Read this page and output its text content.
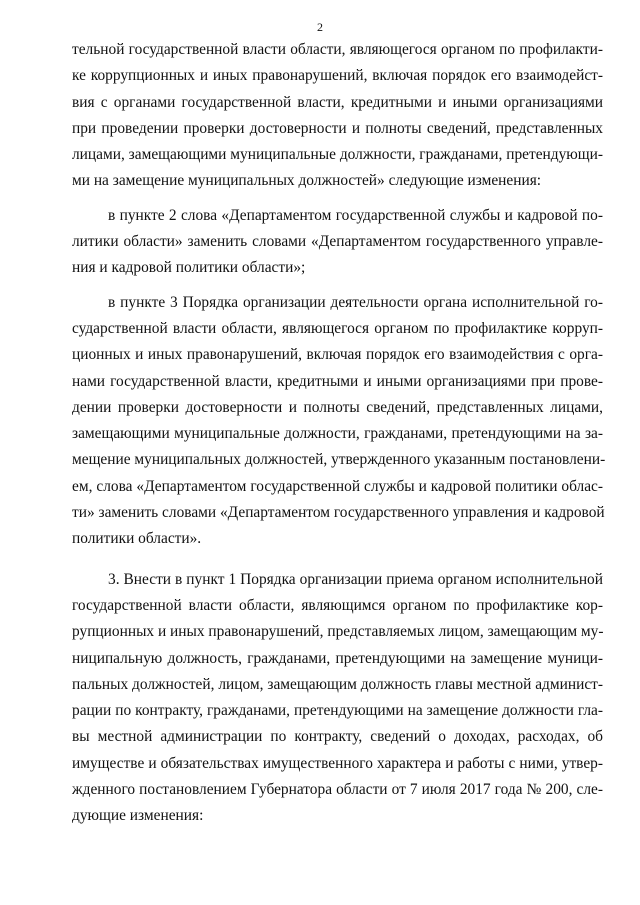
2

тельной государственной власти области, являющегося органом по профилакти-
ке коррупционных и иных правонарушений, включая порядок его взаимодейст-
вия с органами государственной власти, кредитными и иными организациями
при проведении проверки достоверности и полноты сведений, представленных
лицами, замещающими муниципальные должности, гражданами, претендующи-
ми на замещение муниципальных должностей» следующие изменения:

в пункте 2 слова «Департаментом государственной службы и кадровой по-
литики области» заменить словами «Департаментом государственного управле-
ния и кадровой политики области»;

в пункте 3 Порядка организации деятельности органа исполнительной го-
сударственной власти области, являющегося органом по профилактике корруп-
ционных и иных правонарушений, включая порядок его взаимодействия с орга-
нами государственной власти, кредитными и иными организациями при прове-
дении проверки достоверности и полноты сведений, представленных лицами,
замещающими муниципальные должности, гражданами, претендующими на за-
мещение муниципальных должностей, утвержденного указанным постановлени-
ем, слова «Департаментом государственной службы и кадровой политики облас-
ти» заменить словами «Департаментом государственного управления и кадровой
политики области».

3. Внести в пункт 1 Порядка организации приема органом исполнительной
государственной власти области, являющимся органом по профилактике кор-
рупционных и иных правонарушений, представляемых лицом, замещающим му-
ниципальную должность, гражданами, претендующими на замещение муници-
пальных должностей, лицом, замещающим должность главы местной админист-
рации по контракту, гражданами, претендующими на замещение должности гла-
вы местной администрации по контракту, сведений о доходах, расходах, об
имуществе и обязательствах имущественного характера и работы с ними, утвер-
жденного постановлением Губернатора области от 7 июля 2017 года № 200, сле-
дующие изменения:
